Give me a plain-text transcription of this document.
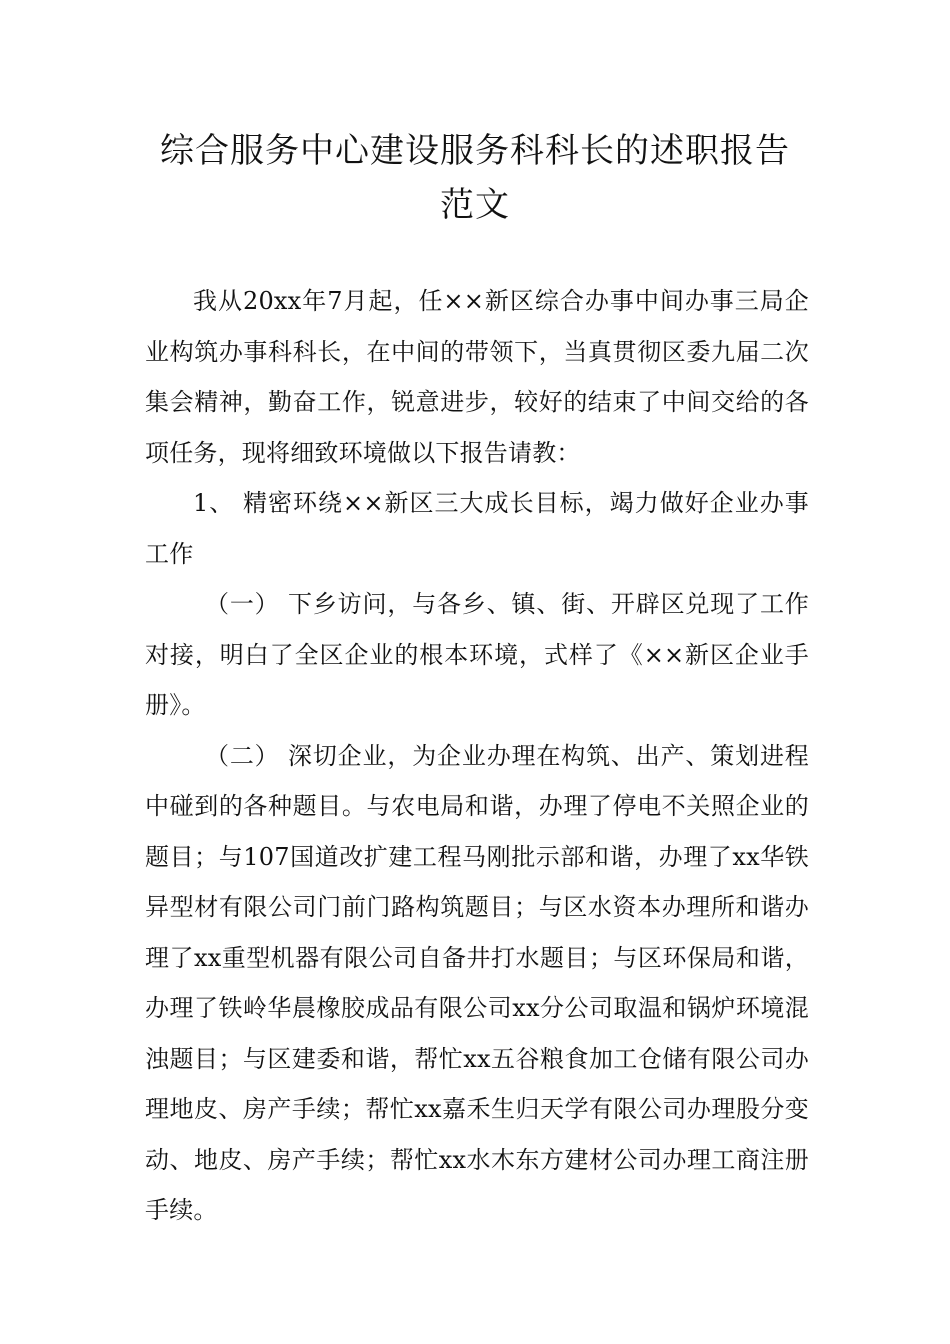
综合服务中心建设服务科科长的述职报告
范文

我从20xx年7月起，任××新区综合办事中间办事三局企业构筑办事科科长，在中间的带领下，当真贯彻区委九届二次集会精神，勤奋工作，锐意进步，较好的结束了中间交给的各项任务，现将细致环境做以下报告请教：

1、 精密环绕××新区三大成长目标，竭力做好企业办事工作

（一） 下乡访问，与各乡、镇、街、开辟区兑现了工作对接，明白了全区企业的根本环境，式样了《××新区企业手册》。

（二） 深切企业，为企业办理在构筑、出产、策划进程中碰到的各种题目。与农电局和谐，办理了停电不关照企业的题目；与107国道改扩建工程马刚批示部和谐，办理了xx华铁异型材有限公司门前门路构筑题目；与区水资本办理所和谐办理了xx重型机器有限公司自备井打水题目；与区环保局和谐，办理了铁岭华晨橡胶成品有限公司xx分公司取温和锅炉环境混浊题目；与区建委和谐，帮忙xx五谷粮食加工仓储有限公司办理地皮、房产手续；帮忙xx嘉禾生归天学有限公司办理股分变动、地皮、房产手续；帮忙xx水木东方建材公司办理工商注册手续。
